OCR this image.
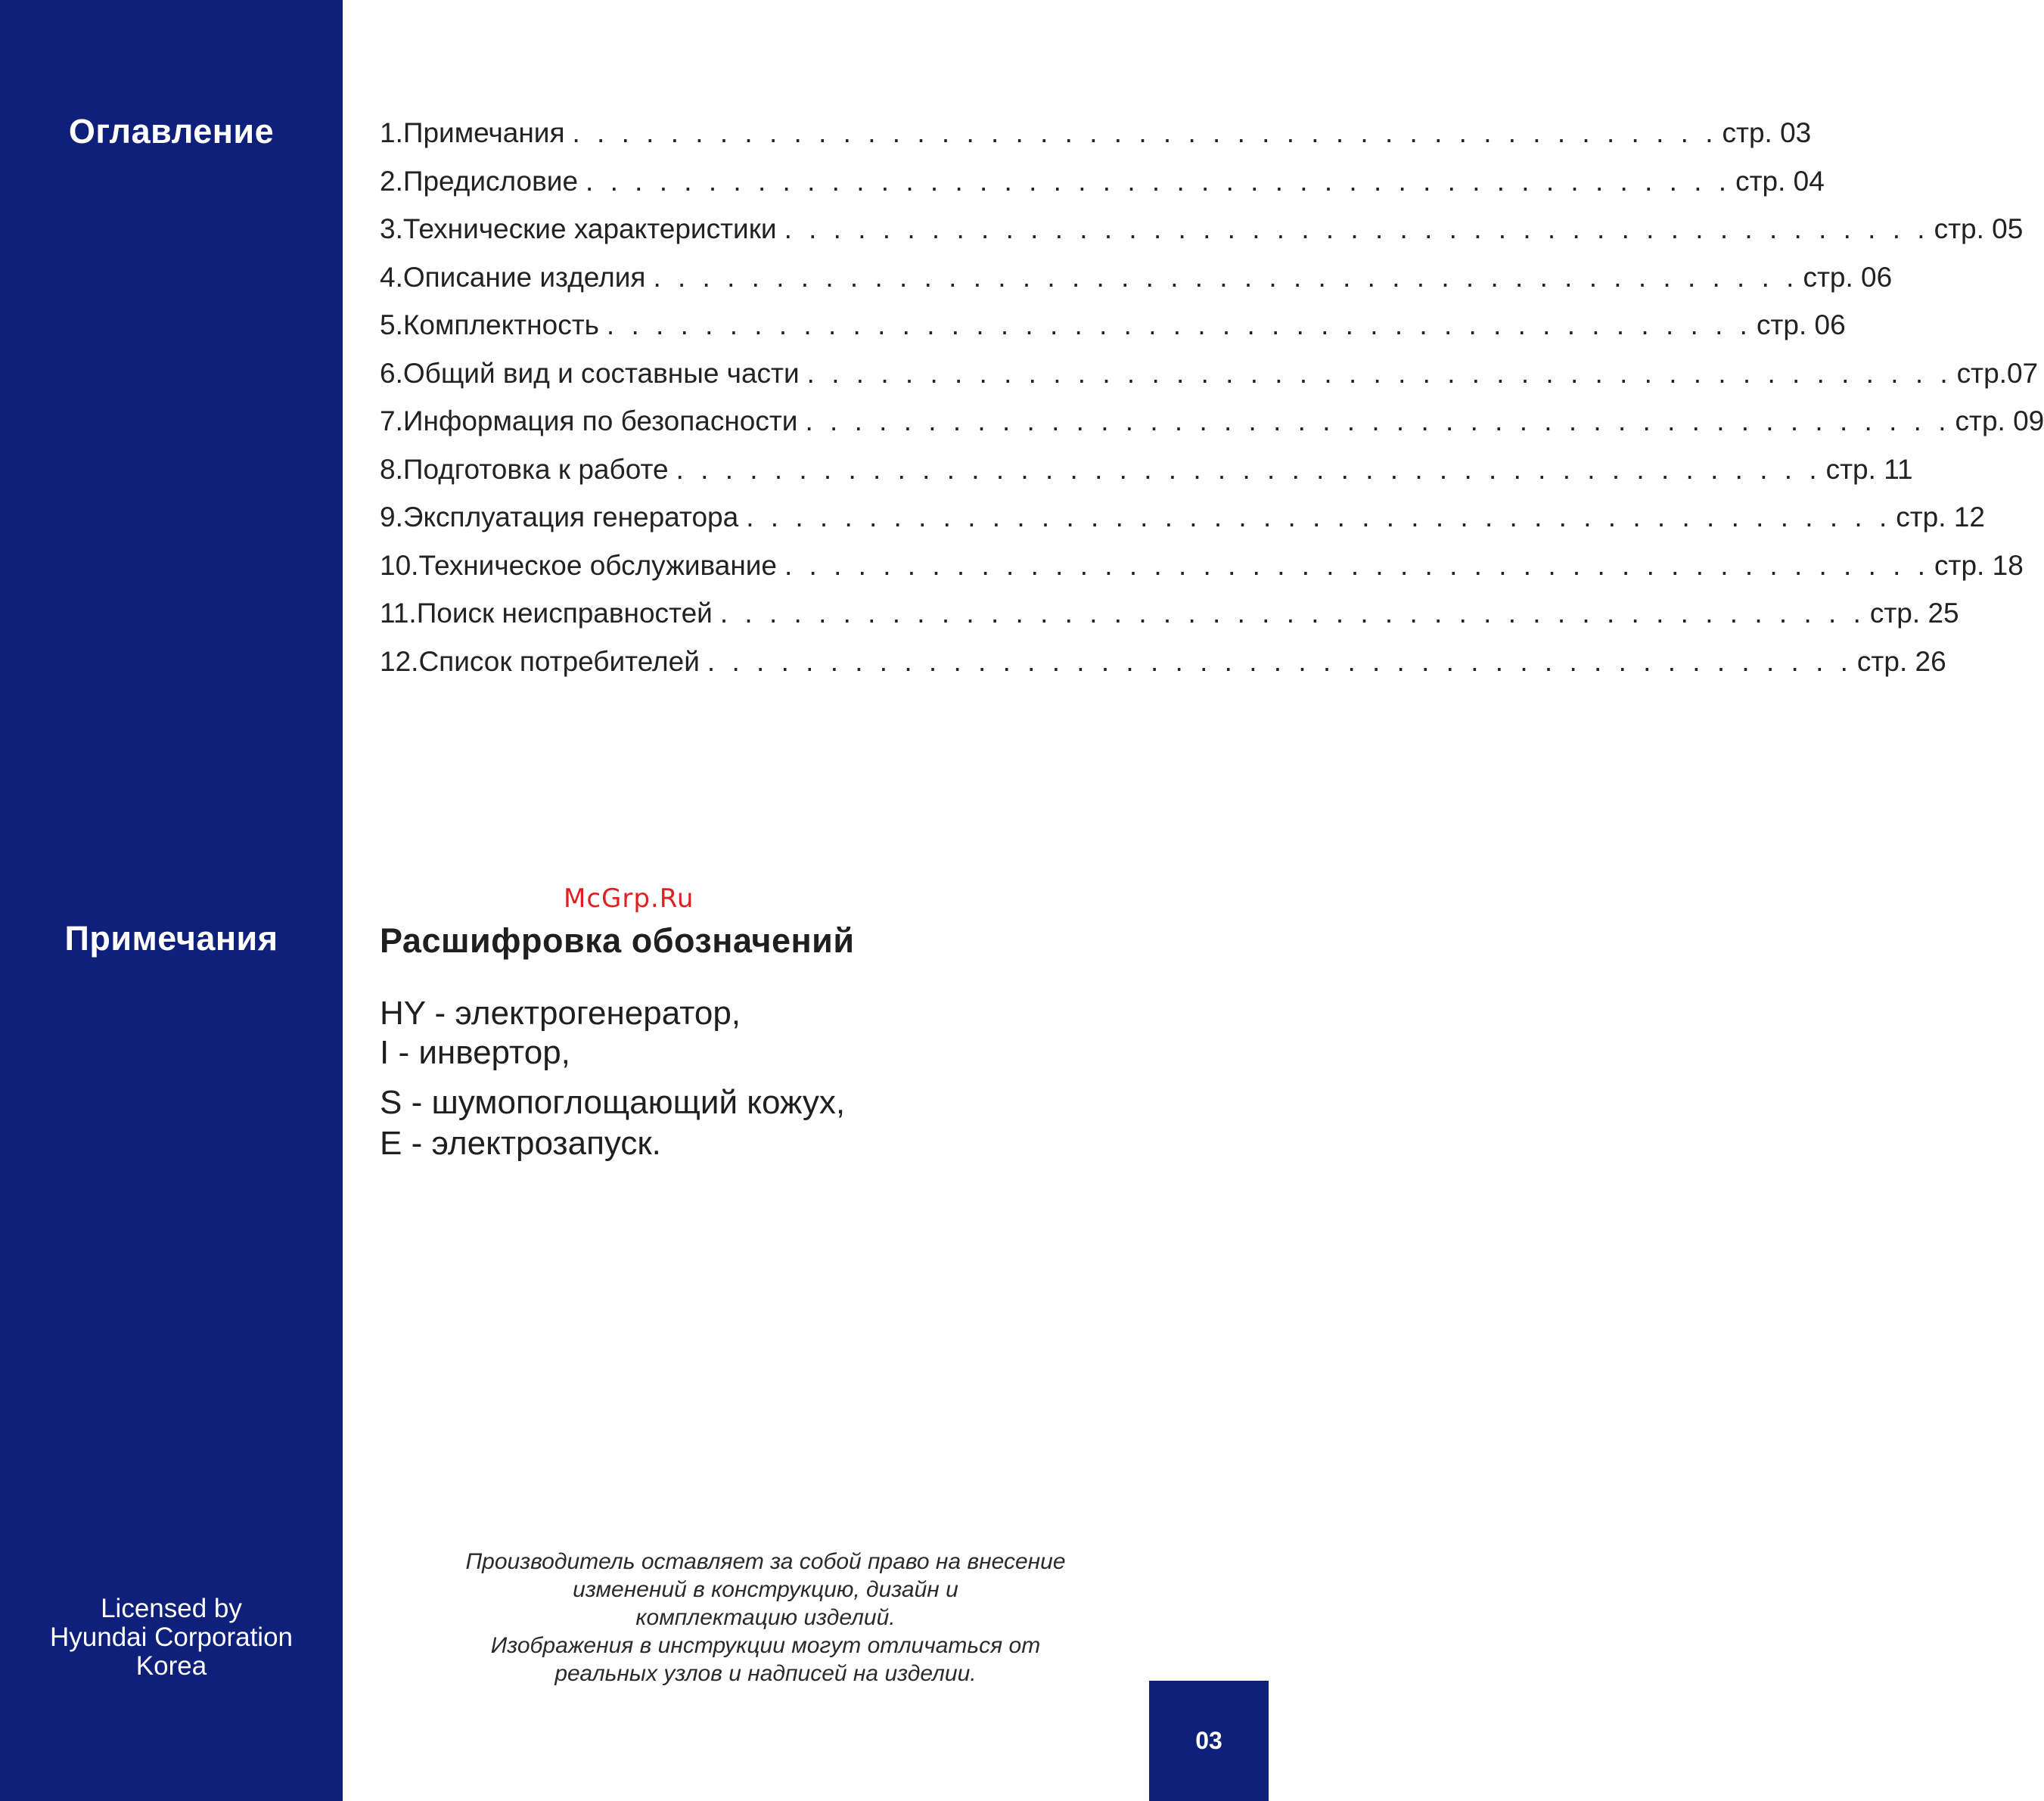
Оглавление
Примечания
Licensed by
Hyundai Corporation
Korea
1. Примечания . . . . . . . . . . . . . . . . . . . . . . . . . . . . . . . . . . . . . . . . . . . . . . . стр. 03
2. Предисловие . . . . . . . . . . . . . . . . . . . . . . . . . . . . . . . . . . . . . . . . . . . . . . . стр. 04
3. Технические характеристики . . . . . . . . . . . . . . . . . . . . . . . . . . . . . . . . . . . . . . . . . . . . . . . стр. 05
4. Описание изделия . . . . . . . . . . . . . . . . . . . . . . . . . . . . . . . . . . . . . . . . . . . . . . . стр. 06
5. Комплектность . . . . . . . . . . . . . . . . . . . . . . . . . . . . . . . . . . . . . . . . . . . . . . . стр. 06
6. Общий вид и составные части . . . . . . . . . . . . . . . . . . . . . . . . . . . . . . . . . . . . . . . . . . . . . . . стр.07
7. Информация по безопасности . . . . . . . . . . . . . . . . . . . . . . . . . . . . . . . . . . . . . . . . . . . . . . . стр. 09
8. Подготовка к работе . . . . . . . . . . . . . . . . . . . . . . . . . . . . . . . . . . . . . . . . . . . . . . . стр. 11
9. Эксплуатация генератора . . . . . . . . . . . . . . . . . . . . . . . . . . . . . . . . . . . . . . . . . . . . . . . стр. 12
10. Техническое обслуживание . . . . . . . . . . . . . . . . . . . . . . . . . . . . . . . . . . . . . . . . . . . . . . . стр. 18
11. Поиск неисправностей . . . . . . . . . . . . . . . . . . . . . . . . . . . . . . . . . . . . . . . . . . . . . . . стр. 25
12. Список потребителей . . . . . . . . . . . . . . . . . . . . . . . . . . . . . . . . . . . . . . . . . . . . . . . стр. 26
McGrp.Ru
Расшифровка обозначений
HY - электрогенератор,
I - инвертор,
S - шумопоглощающий кожух,
E - электрозапуск.
Производитель оставляет за собой право на внесение
изменений в конструкцию, дизайн и
комплектацию изделий.
Изображения в инструкции могут отличаться от
реальных узлов и надписей на изделии.
03
